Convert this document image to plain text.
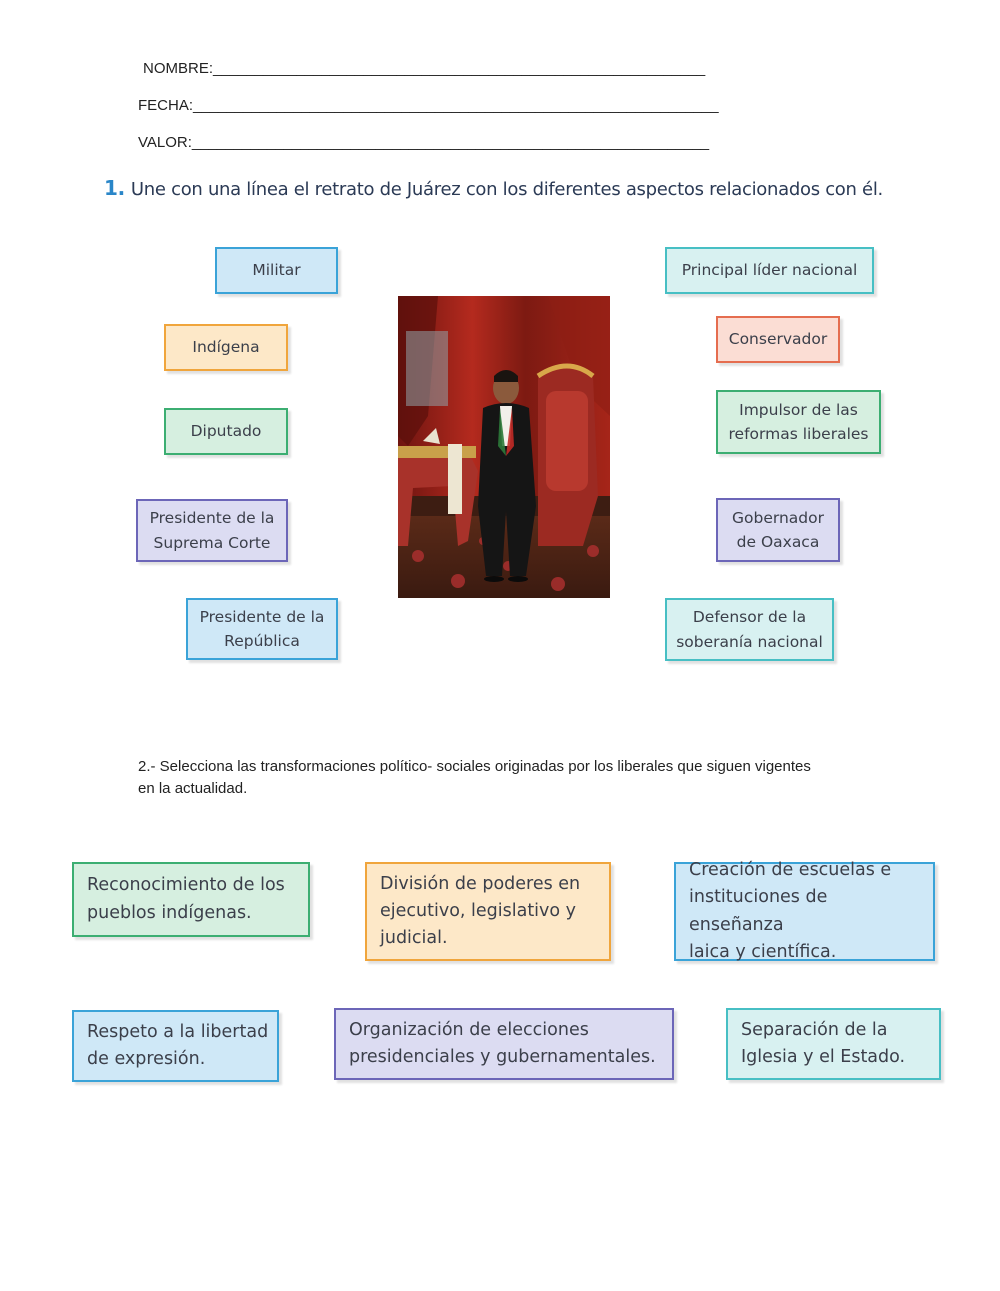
NOMBRE:___________________________________________________________
FECHA:_______________________________________________________________
VALOR:______________________________________________________________
1. Une con una línea el retrato de Juárez con los diferentes aspectos relacionados con él.
Militar
Indígena
Diputado
Presidente de la
Suprema Corte
Presidente de la
República
Principal líder nacional
Conservador
Impulsor de las
reformas liberales
Gobernador
de Oaxaca
Defensor de la
soberanía nacional
2.- Selecciona las transformaciones político- sociales originadas por los liberales que siguen vigentes en la actualidad.
Reconocimiento de los
pueblos indígenas.
División de poderes en
ejecutivo, legislativo y
judicial.
Creación de escuelas e
instituciones de enseñanza
laica y científica.
Respeto a la libertad
de expresión.
Organización de elecciones
presidenciales y gubernamentales.
Separación de la
Iglesia y el Estado.
